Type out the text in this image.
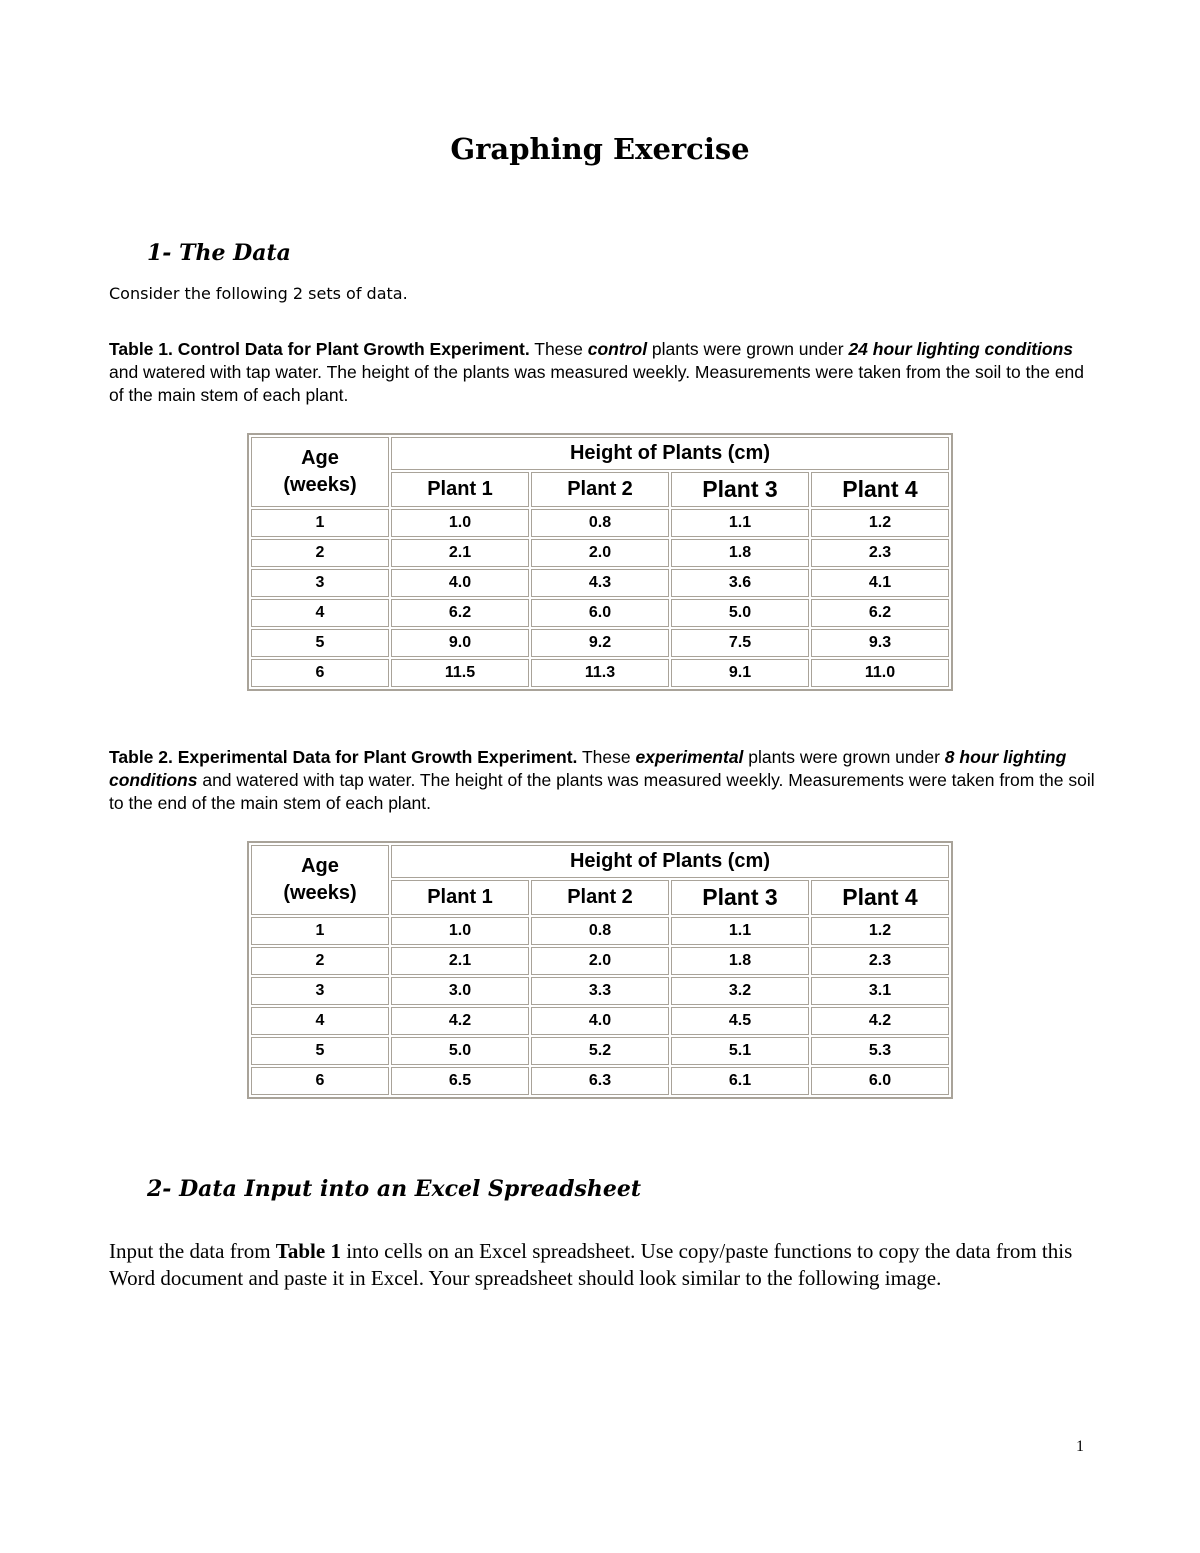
Graphing Exercise
1- The Data

Consider the following 2 sets of data.

Table 1. Control Data for Plant Growth Experiment. These control plants were grown under 24 hour lighting conditions and watered with tap water. The height of the plants was measured weekly. Measurements were taken from the soil to the end of the main stem of each plant.

Age
(weeks)	Height of Plants (cm)			
	Plant 1	Plant 2	Plant 3	Plant 4
1	1.0	0.8	1.1	1.2
2	2.1	2.0	1.8	2.3
3	4.0	4.3	3.6	4.1
4	6.2	6.0	5.0	6.2
5	9.0	9.2	7.5	9.3
6	11.5	11.3	9.1	11.0

Table 2. Experimental Data for Plant Growth Experiment. These experimental plants were grown under 8 hour lighting conditions and watered with tap water. The height of the plants was measured weekly. Measurements were taken from the soil to the end of the main stem of each plant.

Age
(weeks)	Height of Plants (cm)			
	Plant 1	Plant 2	Plant 3	Plant 4
1	1.0	0.8	1.1	1.2
2	2.1	2.0	1.8	2.3
3	3.0	3.3	3.2	3.1
4	4.2	4.0	4.5	4.2
5	5.0	5.2	5.1	5.3
6	6.5	6.3	6.1	6.0
2- Data Input into an Excel Spreadsheet

Input the data from Table 1 into cells on an Excel spreadsheet. Use copy/paste functions to copy the data from this Word document and paste it in Excel. Your spreadsheet should look similar to the following image.

1
